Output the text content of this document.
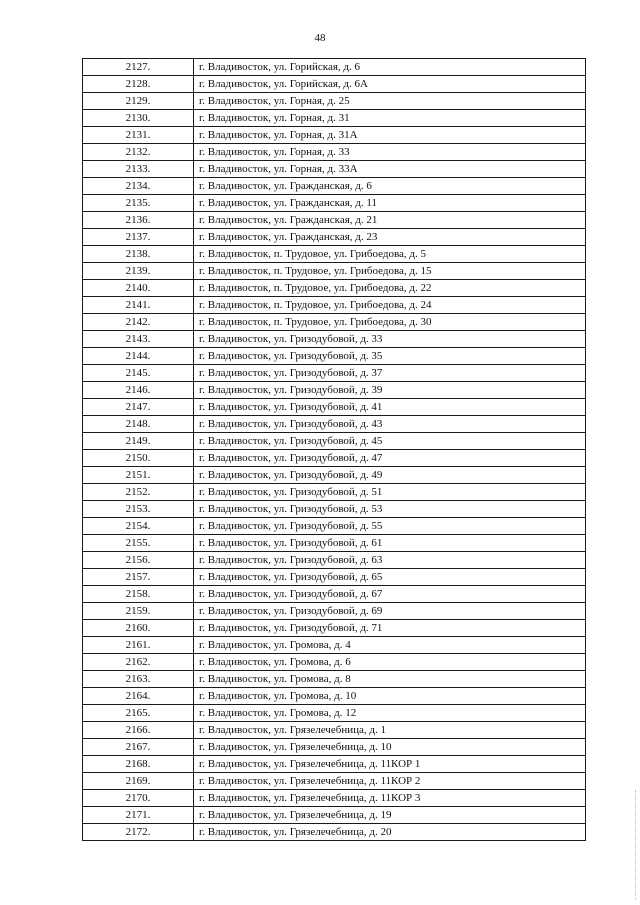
48
2127.	г. Владивосток, ул. Горийская, д. 6
2128.	г. Владивосток, ул. Горийская, д. 6А
2129.	г. Владивосток, ул. Горная, д. 25
2130.	г. Владивосток, ул. Горная, д. 31
2131.	г. Владивосток, ул. Горная, д. 31А
2132.	г. Владивосток, ул. Горная, д. 33
2133.	г. Владивосток, ул. Горная, д. 33А
2134.	г. Владивосток, ул. Гражданская, д. 6
2135.	г. Владивосток, ул. Гражданская, д. 11
2136.	г. Владивосток, ул. Гражданская, д. 21
2137.	г. Владивосток, ул. Гражданская, д. 23
2138.	г. Владивосток, п. Трудовое, ул. Грибоедова, д. 5
2139.	г. Владивосток, п. Трудовое, ул. Грибоедова, д. 15
2140.	г. Владивосток, п. Трудовое, ул. Грибоедова, д. 22
2141.	г. Владивосток, п. Трудовое, ул. Грибоедова, д. 24
2142.	г. Владивосток, п. Трудовое, ул. Грибоедова, д. 30
2143.	г. Владивосток, ул. Гризодубовой, д. 33
2144.	г. Владивосток, ул. Гризодубовой, д. 35
2145.	г. Владивосток, ул. Гризодубовой, д. 37
2146.	г. Владивосток, ул. Гризодубовой, д. 39
2147.	г. Владивосток, ул. Гризодубовой, д. 41
2148.	г. Владивосток, ул. Гризодубовой, д. 43
2149.	г. Владивосток, ул. Гризодубовой, д. 45
2150.	г. Владивосток, ул. Гризодубовой, д. 47
2151.	г. Владивосток, ул. Гризодубовой, д. 49
2152.	г. Владивосток, ул. Гризодубовой, д. 51
2153.	г. Владивосток, ул. Гризодубовой, д. 53
2154.	г. Владивосток, ул. Гризодубовой, д. 55
2155.	г. Владивосток, ул. Гризодубовой, д. 61
2156.	г. Владивосток, ул. Гризодубовой, д. 63
2157.	г. Владивосток, ул. Гризодубовой, д. 65
2158.	г. Владивосток, ул. Гризодубовой, д. 67
2159.	г. Владивосток, ул. Гризодубовой, д. 69
2160.	г. Владивосток, ул. Гризодубовой, д. 71
2161.	г. Владивосток, ул. Громова, д. 4
2162.	г. Владивосток, ул. Громова, д. 6
2163.	г. Владивосток, ул. Громова, д. 8
2164.	г. Владивосток, ул. Громова, д. 10
2165.	г. Владивосток, ул. Громова, д. 12
2166.	г. Владивосток, ул. Грязелечебница, д. 1
2167.	г. Владивосток, ул. Грязелечебница, д. 10
2168.	г. Владивосток, ул. Грязелечебница, д. 11КОР 1
2169.	г. Владивосток, ул. Грязелечебница, д. 11КОР 2
2170.	г. Владивосток, ул. Грязелечебница, д. 11КОР 3
2171.	г. Владивосток, ул. Грязелечебница, д. 19
2172.	г. Владивосток, ул. Грязелечебница, д. 20
